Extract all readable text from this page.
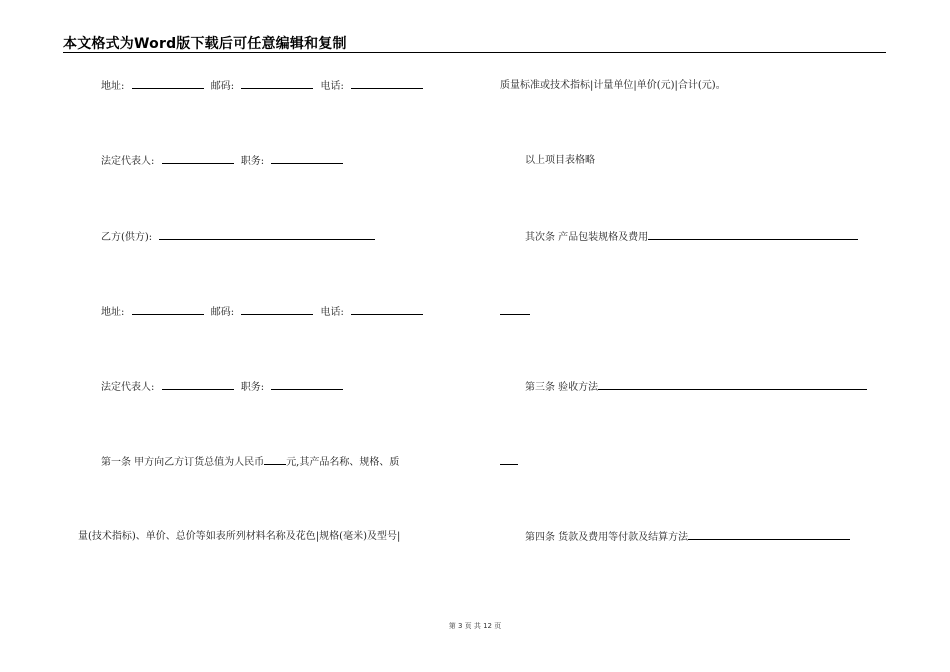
本文格式为Word版下载后可任意编辑和复制
地址:	邮码:	电话:
法定代表人:	职务:
乙方(供方):
地址:	邮码:	电话:
法定代表人:	职务:
第一条 甲方向乙方订货总值为人民币 元,其产品名称、规格、质
量(技术指标)、单价、总价等如表所列材料名称及花色|规格(毫米)及型号|
质量标准或技术指标|计量单位|单价(元)|合计(元)。
以上项目表格略
其次条 产品包装规格及费用
第三条 验收方法
第四条 货款及费用等付款及结算方法
第 3 页 共 12 页
